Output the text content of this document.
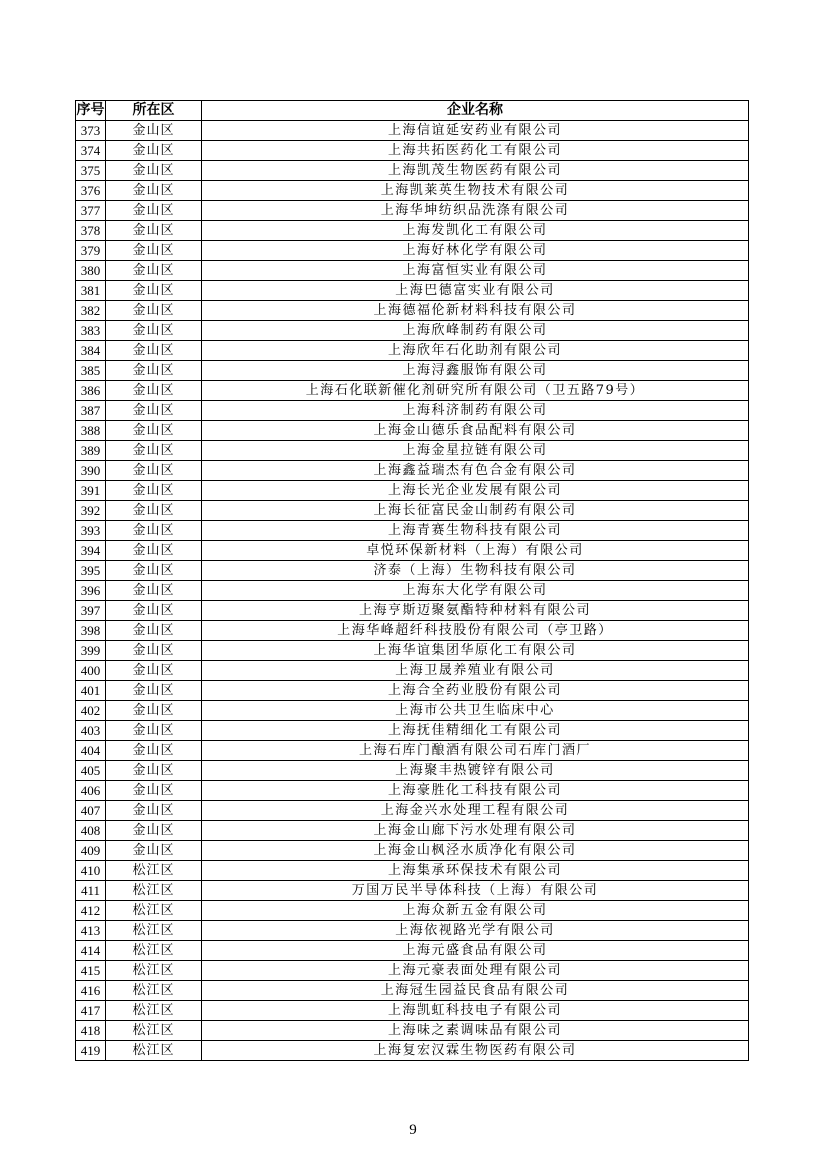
序号	所在区	企业名称
373	金山区	上海信谊延安药业有限公司
374	金山区	上海共拓医药化工有限公司
375	金山区	上海凯茂生物医药有限公司
376	金山区	上海凯莱英生物技术有限公司
377	金山区	上海华坤纺织品洗涤有限公司
378	金山区	上海发凯化工有限公司
379	金山区	上海好林化学有限公司
380	金山区	上海富恒实业有限公司
381	金山区	上海巴德富实业有限公司
382	金山区	上海德福伦新材料科技有限公司
383	金山区	上海欣峰制药有限公司
384	金山区	上海欣年石化助剂有限公司
385	金山区	上海浔鑫服饰有限公司
386	金山区	上海石化联新催化剂研究所有限公司（卫五路79号）
387	金山区	上海科济制药有限公司
388	金山区	上海金山德乐食品配料有限公司
389	金山区	上海金星拉链有限公司
390	金山区	上海鑫益瑞杰有色合金有限公司
391	金山区	上海长光企业发展有限公司
392	金山区	上海长征富民金山制药有限公司
393	金山区	上海青赛生物科技有限公司
394	金山区	卓悦环保新材料（上海）有限公司
395	金山区	济泰（上海）生物科技有限公司
396	金山区	上海东大化学有限公司
397	金山区	上海亨斯迈聚氨酯特种材料有限公司
398	金山区	上海华峰超纤科技股份有限公司（亭卫路）
399	金山区	上海华谊集团华原化工有限公司
400	金山区	上海卫晟养殖业有限公司
401	金山区	上海合全药业股份有限公司
402	金山区	上海市公共卫生临床中心
403	金山区	上海抚佳精细化工有限公司
404	金山区	上海石库门酿酒有限公司石库门酒厂
405	金山区	上海聚丰热镀锌有限公司
406	金山区	上海豪胜化工科技有限公司
407	金山区	上海金兴水处理工程有限公司
408	金山区	上海金山廊下污水处理有限公司
409	金山区	上海金山枫泾水质净化有限公司
410	松江区	上海集承环保技术有限公司
411	松江区	万国万民半导体科技（上海）有限公司
412	松江区	上海众新五金有限公司
413	松江区	上海依视路光学有限公司
414	松江区	上海元盛食品有限公司
415	松江区	上海元豪表面处理有限公司
416	松江区	上海冠生园益民食品有限公司
417	松江区	上海凯虹科技电子有限公司
418	松江区	上海味之素调味品有限公司
419	松江区	上海复宏汉霖生物医药有限公司
9
